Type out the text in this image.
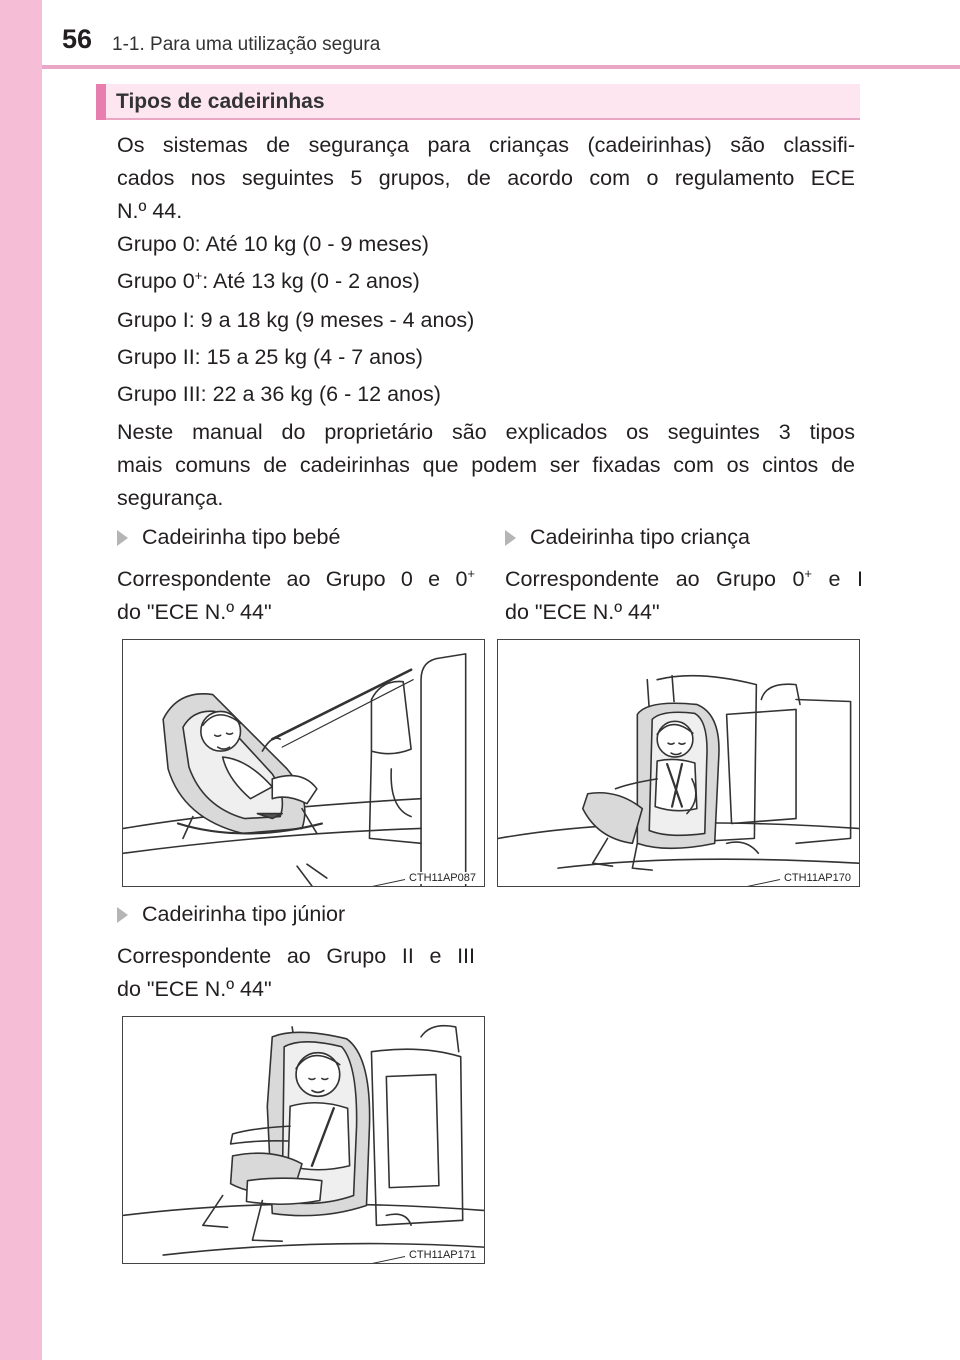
56 1-1. Para uma utilização segura
Tipos de cadeirinhas
Os sistemas de segurança para crianças (cadeirinhas) são classifi-
cados nos seguintes 5 grupos, de acordo com o regulamento ECE
N.º 44.
Grupo 0: Até 10 kg (0 - 9 meses)
Grupo 0+: Até 13 kg (0 - 2 anos)
Grupo I: 9 a 18 kg (9 meses - 4 anos)
Grupo II: 15 a 25 kg (4 - 7 anos)
Grupo III: 22 a 36 kg (6 - 12 anos)
Neste manual do proprietário são explicados os seguintes 3 tipos
mais comuns de cadeirinhas que podem ser fixadas com os cintos de
segurança.
Cadeirinha tipo bebé
Correspondente ao Grupo 0 e 0+
do "ECE N.º 44"
Cadeirinha tipo criança
Correspondente ao Grupo 0+ e I
do "ECE N.º 44"
CTH11AP087	CTH11AP170
Cadeirinha tipo júnior
Correspondente ao Grupo II e III
do "ECE N.º 44"
CTH11AP171
